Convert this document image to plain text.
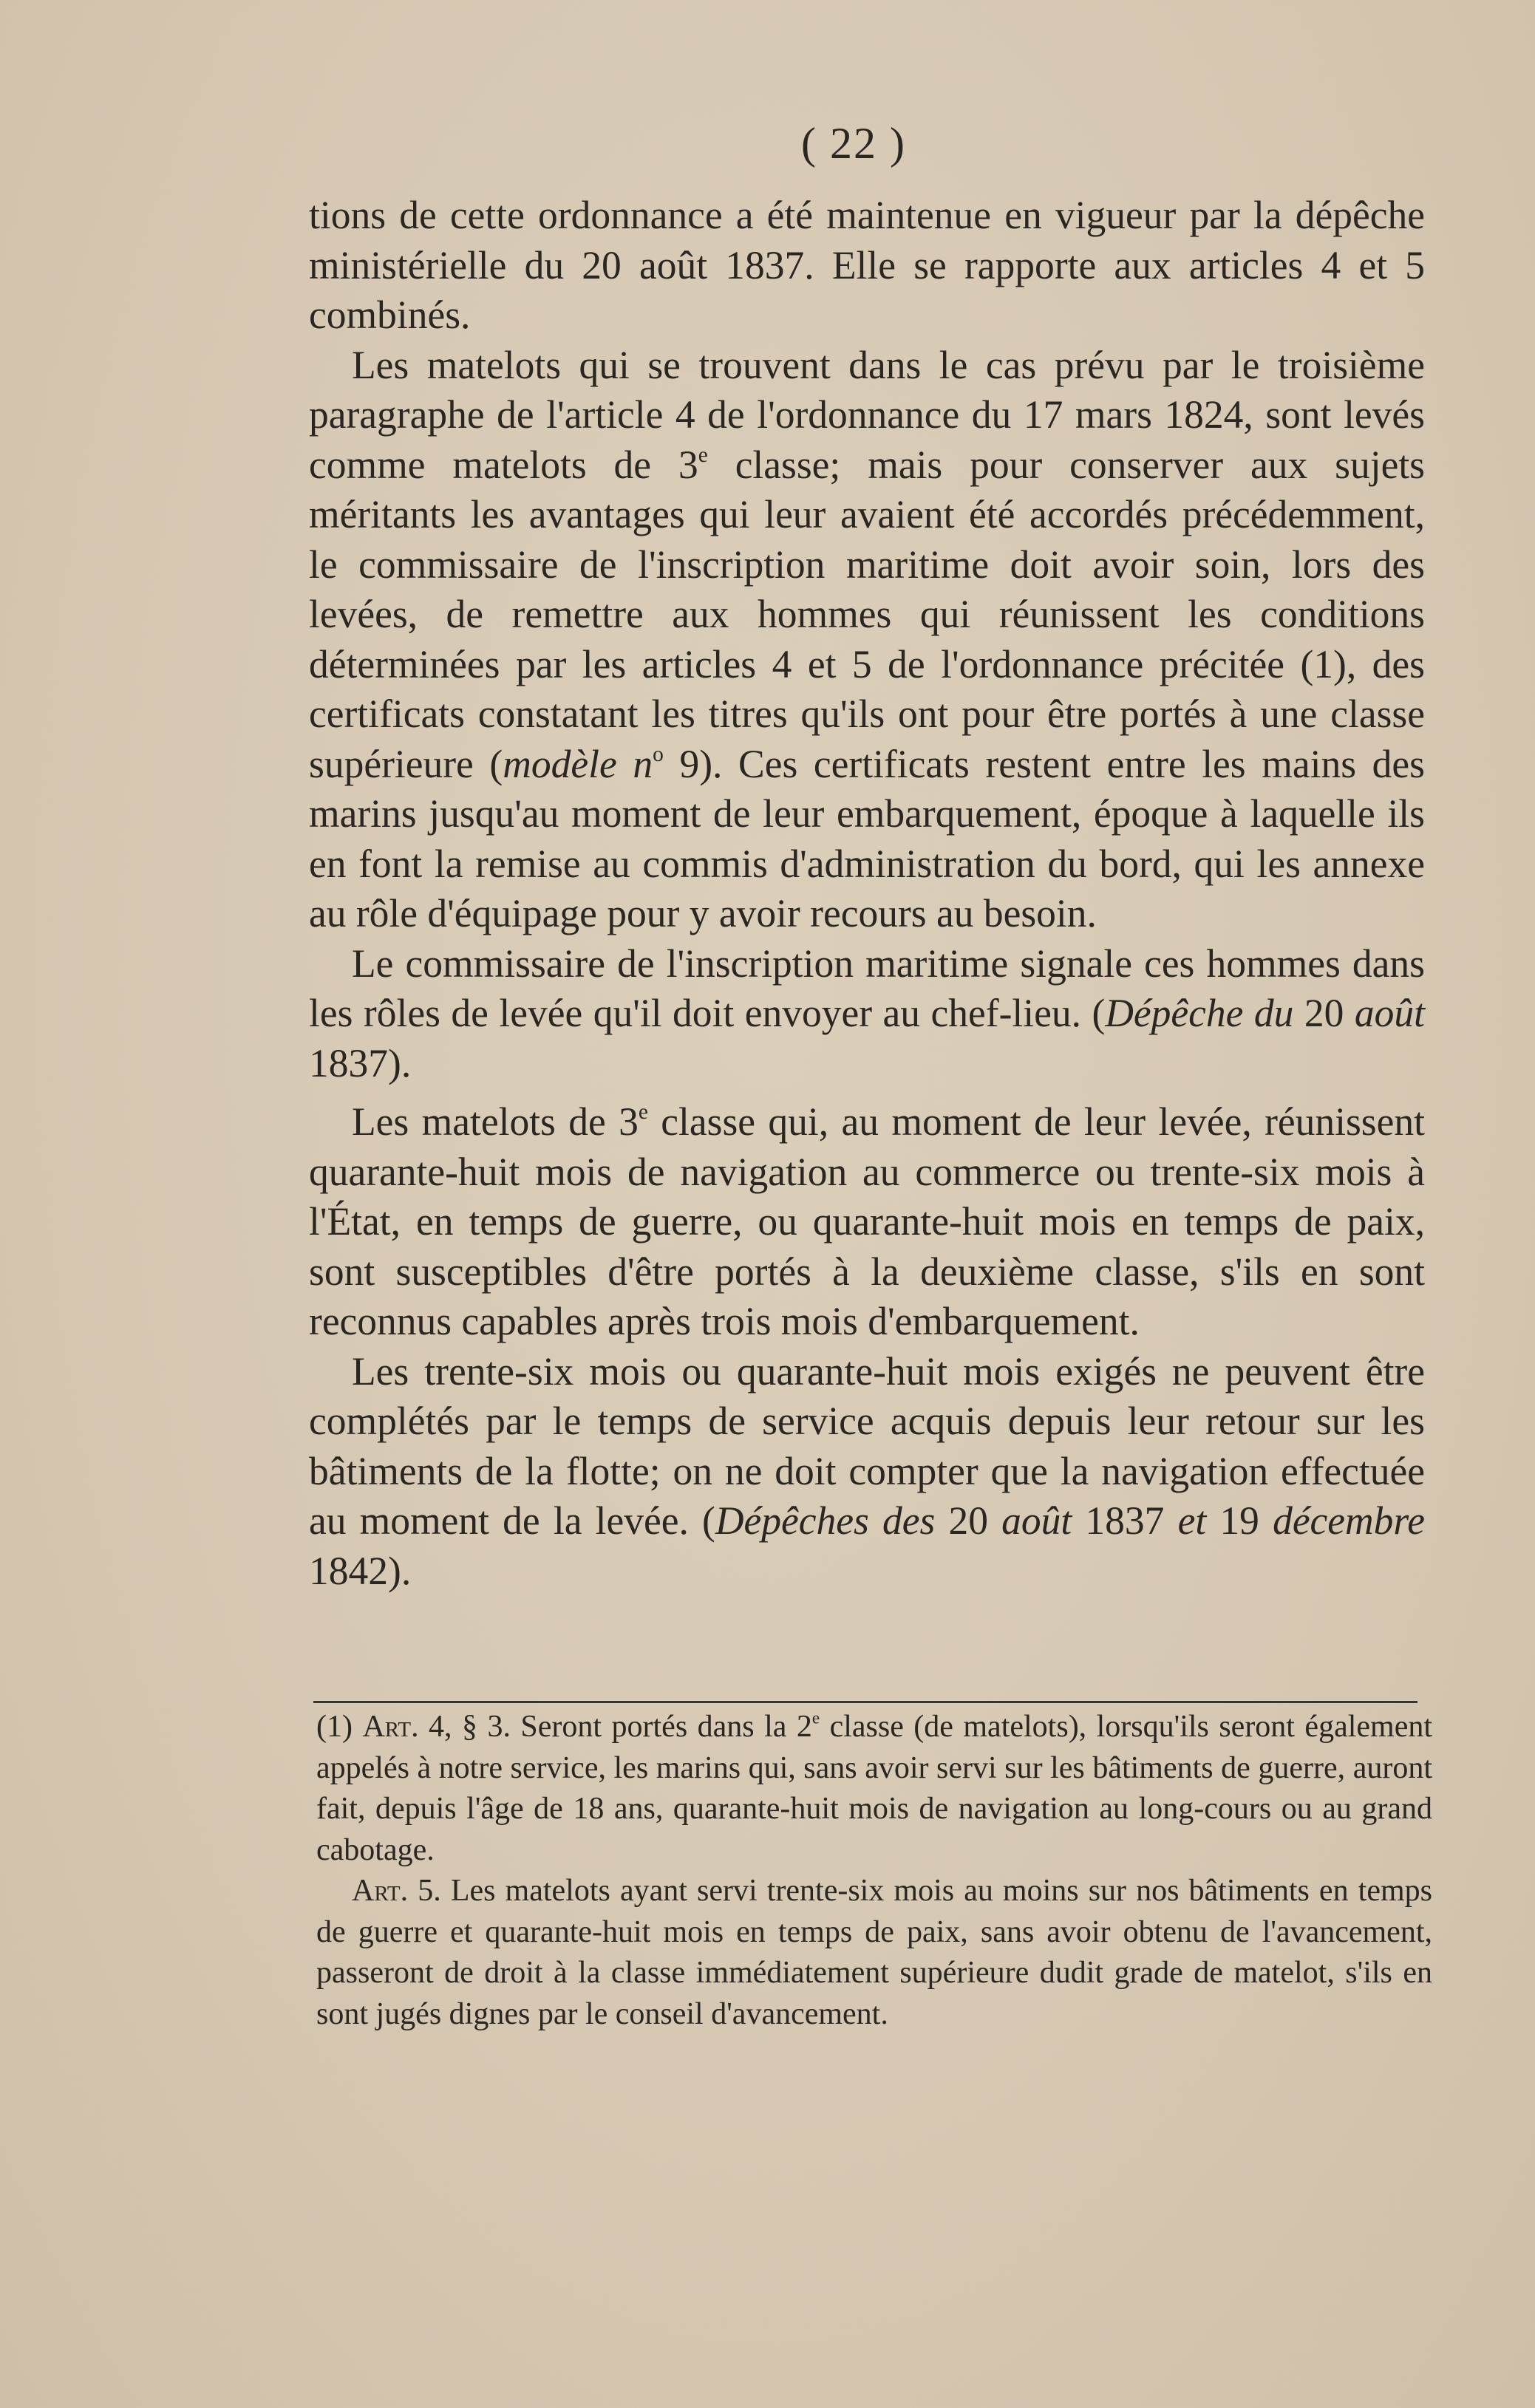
( 22 )

tions de cette ordonnance a été maintenue en vigueur par la dépêche ministérielle du 20 août 1837. Elle se rapporte aux articles 4 et 5 combinés.

Les matelots qui se trouvent dans le cas prévu par le troisième paragraphe de l'article 4 de l'ordonnance du 17 mars 1824, sont levés comme matelots de 3e classe; mais pour conserver aux sujets méritants les avantages qui leur avaient été accordés précédemment, le commissaire de l'inscription maritime doit avoir soin, lors des levées, de remettre aux hommes qui réunissent les conditions déterminées par les articles 4 et 5 de l'ordonnance précitée (1), des certificats constatant les titres qu'ils ont pour être portés à une classe supérieure (modèle $n^o$ 9). Ces certificats restent entre les mains des marins jusqu'au moment de leur embarquement, époque à laquelle ils en font la remise au commis d'administration du bord, qui les annexe au rôle d'équipage pour y avoir recours au besoin.

Le commissaire de l'inscription maritime signale ces hommes dans les rôles de levée qu'il doit envoyer au chef-lieu. (Dépêche du 20 août 1837).

Les matelots de 3e classe qui, au moment de leur levée, réunissent quarante-huit mois de navigation au commerce ou trente-six mois à l'État, en temps de guerre, ou quarante-huit mois en temps de paix, sont susceptibles d'être portés à la deuxième classe, s'ils en sont reconnus capables après trois mois d'embarquement.

Les trente-six mois ou quarante-huit mois exigés ne peuvent être complétés par le temps de service acquis depuis leur retour sur les bâtiments de la flotte; on ne doit compter que la navigation effectuée au moment de la levée. (Dépêches des 20 août 1837 et 19 décembre 1842).

(1) Art. 4, § 3. Seront portés dans la 2e classe (de matelots), lorsqu'ils seront également appelés à notre service, les marins qui, sans avoir servi sur les bâtiments de guerre, auront fait, depuis l'âge de 18 ans, quarante-huit mois de navigation au long-cours ou au grand cabotage.

Art. 5. Les matelots ayant servi trente-six mois au moins sur nos bâtiments en temps de guerre et quarante-huit mois en temps de paix, sans avoir obtenu de l'avancement, passeront de droit à la classe immédiatement supérieure dudit grade de matelot, s'ils en sont jugés dignes par le conseil d'avancement.
